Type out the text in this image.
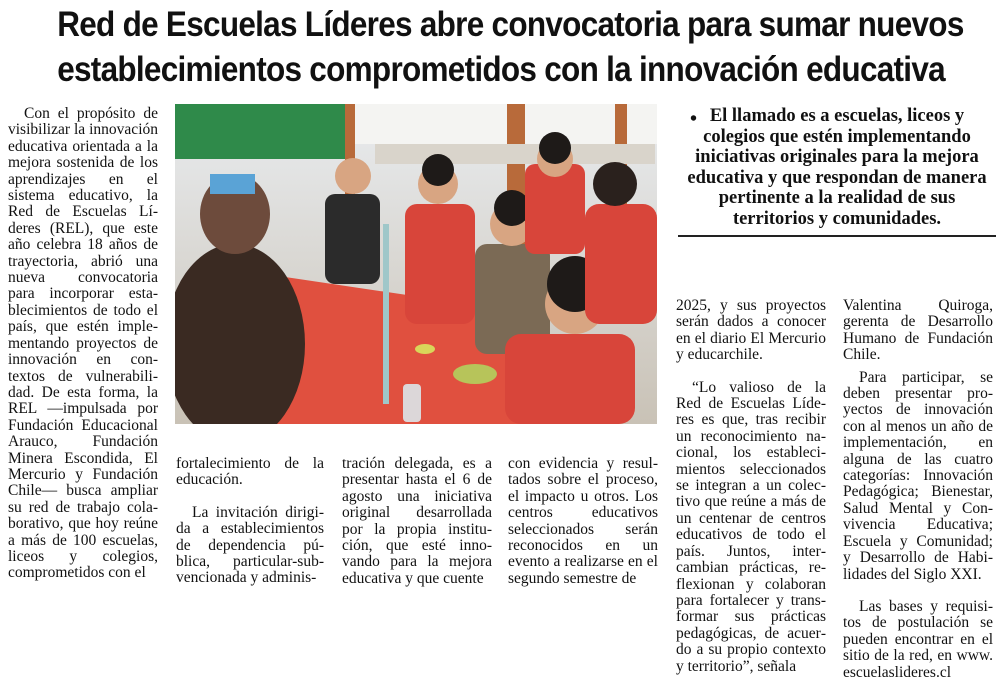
Red de Escuelas Líderes abre convocatoria para sumar nuevos
establecimientos comprometidos con la innovación educativa

Con el propósito de visibilizar la innovación educativa orientada a la mejora sostenida de los aprendizajes en el sistema educativo, la Red de Escuelas Líderes (REL), que este año celebra 18 años de trayectoria, abrió una nueva convocatoria para incorporar establecimientos de todo el país, que estén implementando proyectos de innovación en contextos de vulnerabilidad. De esta forma, la REL —impulsada por Fundación Educacional Arauco, Fundación Minera Escondida, El Mercurio y Fundación Chile— busca ampliar su red de trabajo colaborativo, que hoy reúne a más de 100 escuelas, liceos y colegios, comprometidos con el

fortalecimiento de la educación.

La invitación dirigida a establecimientos de dependencia pública, particular-subvencionada y adminis-

tración delegada, es a presentar hasta el 6 de agosto una iniciativa original desarrollada por la propia institución, que esté innovando para la mejora educativa y que cuente

con evidencia y resultados sobre el proceso, el impacto u otros. Los centros educativos seleccionados serán reconocidos en un evento a realizarse en el segundo semestre de

• El llamado es a escuelas, liceos y colegios que estén implementando iniciativas originales para la mejora educativa y que respondan de manera pertinente a la realidad de sus territorios y comunidades.

2025, y sus proyectos serán dados a conocer en el diario El Mercurio y educarchile.

“Lo valioso de la Red de Escuelas Líderes es que, tras recibir un reconocimiento nacional, los establecimientos seleccionados se integran a un colectivo que reúne a más de un centenar de centros educativos de todo el país. Juntos, intercambian prácticas, reflexionan y colaboran para fortalecer y transformar sus prácticas pedagógicas, de acuerdo a su propio contexto y territorio”, señala

Valentina Quiroga, gerenta de Desarrollo Humano de Fundación Chile.

Para participar, se deben presentar proyectos de innovación con al menos un año de implementación, en alguna de las cuatro categorías: Innovación Pedagógica; Bienestar, Salud Mental y Convivencia Educativa; Escuela y Comunidad; y Desarrollo de Habilidades del Siglo XXI.

Las bases y requisitos de postulación se pueden encontrar en el sitio de la red, en www. escuelaslideres.cl
